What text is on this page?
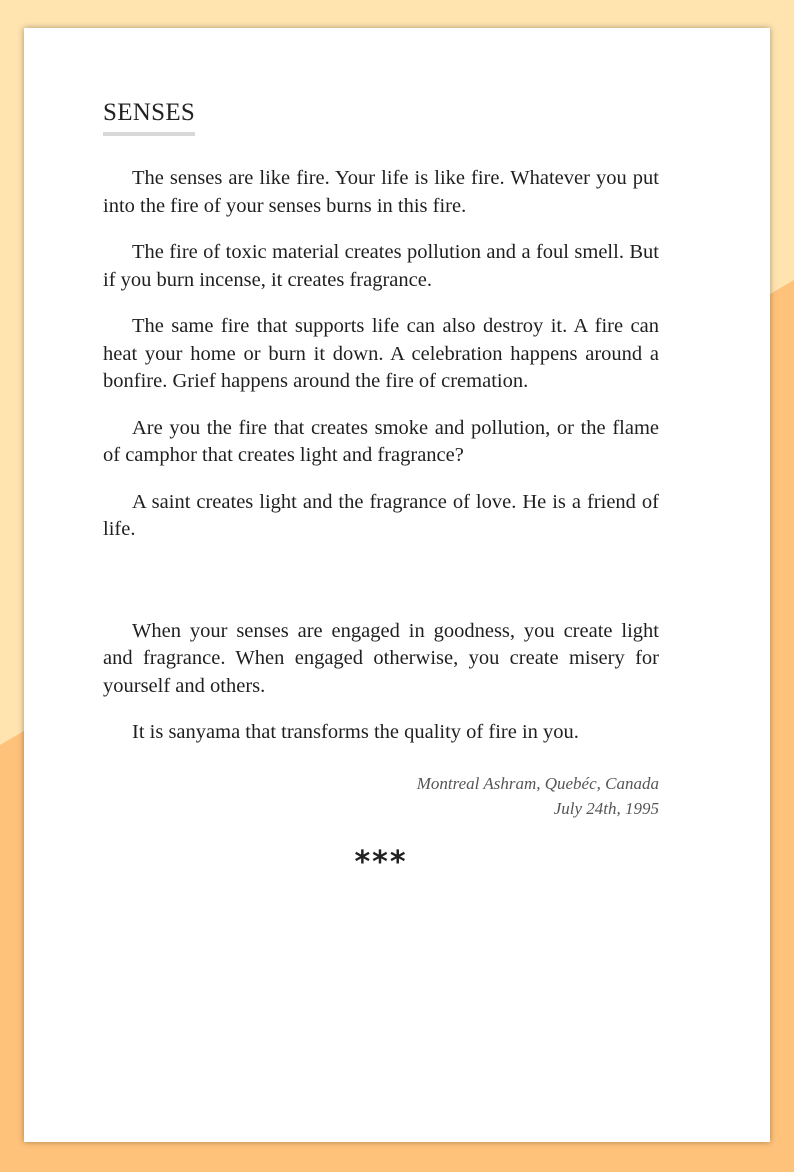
SENSES

The senses are like fire. Your life is like fire. Whatever you put into the fire of your senses burns in this fire.

The fire of toxic material creates pollution and a foul smell. But if you burn incense, it creates fragrance.

The same fire that supports life can also destroy it. A fire can heat your home or burn it down. A celebration happens around a bonfire. Grief happens around the fire of cremation.

Are you the fire that creates smoke and pollution, or the flame of camphor that creates light and fragrance?

A saint creates light and the fragrance of love. He is a friend of life.

When your senses are engaged in goodness, you create light and fragrance. When engaged otherwise, you create misery for yourself and others.

It is sanyama that transforms the quality of fire in you.

Montreal Ashram, Quebéc, Canada
July 24th, 1995
***
